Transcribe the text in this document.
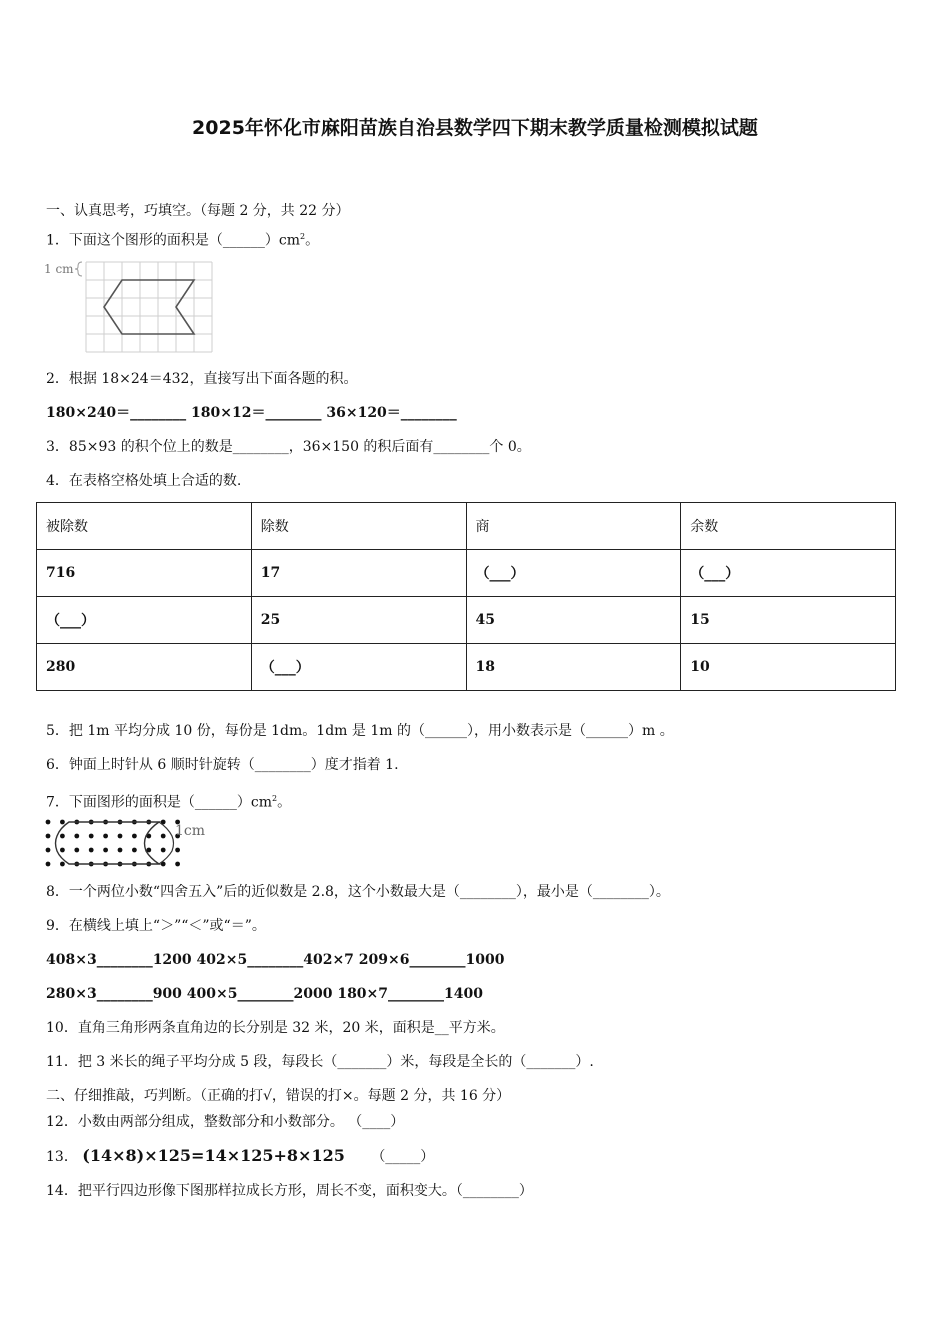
2025年怀化市麻阳苗族自治县数学四下期末教学质量检测模拟试题
一、认真思考，巧填空。（每题 2 分，共 22 分）
1．下面这个图形的面积是$(\_\_\_\_\_\_)cm^2$。
1 cm
2．根据 18×24＝432，直接写出下面各题的积。
180×240＝________ 180×12＝________ 36×120＝________
3．85×93 的积个位上的数是________，36×150 的积后面有________个 0。
4．在表格空格处填上合适的数.
被除数	除数	商	余数
716	17	（___）	（___）
（___）	25	45	15
280	（___）	18	10
5．把 1m 平均分成 10 份，每份是 1dm。1dm 是 1m 的（______），用小数表示是（______）m 。
6．钟面上时针从 6 顺时针旋转（________）度才指着 1.
7．下面图形的面积是$(\_\_\_\_\_\_)cm^2$。
1cm
8．一个两位小数“四舍五入”后的近似数是 2.8，这个小数最大是（________），最小是（________）。
9．在横线上填上“＞”“＜”或“＝”。
408×3________1200 402×5________402×7 209×6________1000
280×3________900 400×5________2000 180×7________1400
10．直角三角形两条直角边的长分别是 32 米，20 米，面积是__平方米。
11．把 3 米长的绳子平均分成 5 段，每段长（_______）米，每段是全长的（_______）.
二、仔细推敲，巧判断。（正确的打√，错误的打×。每题 2 分，共 16 分）
12．小数由两部分组成，整数部分和小数部分。 （____）
13． (14×8)×125=14×125+8×125 （_____）
14．把平行四边形像下图那样拉成长方形，周长不变，面积变大。（________）
